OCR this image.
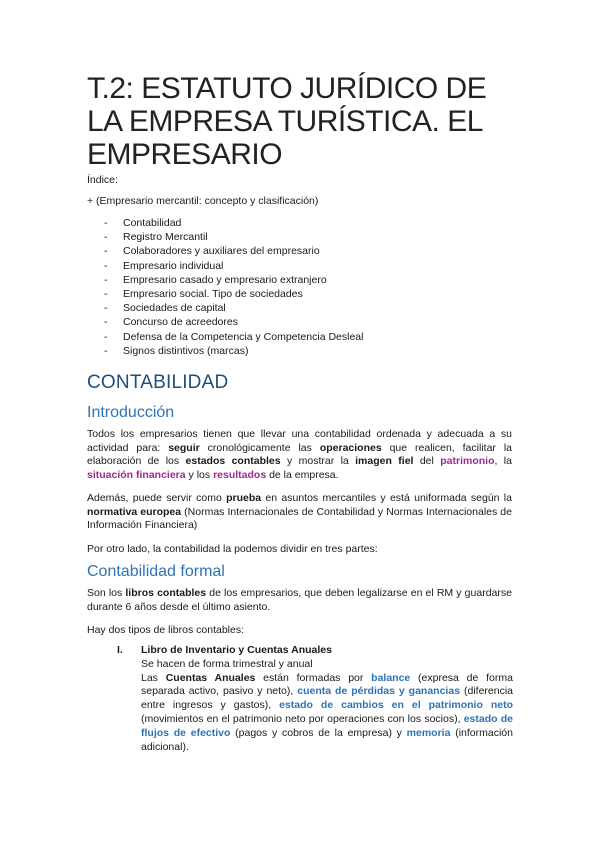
T.2: ESTATUTO JURÍDICO DE LA EMPRESA TURÍSTICA. EL EMPRESARIO
Índice:
+ (Empresario mercantil: concepto y clasificación)
- Contabilidad
- Registro Mercantil
- Colaboradores y auxiliares del empresario
- Empresario individual
- Empresario casado y empresario extranjero
- Empresario social. Tipo de sociedades
- Sociedades de capital
- Concurso de acreedores
- Defensa de la Competencia y Competencia Desleal
- Signos distintivos (marcas)
CONTABILIDAD
Introducción

Todos los empresarios tienen que llevar una contabilidad ordenada y adecuada a su actividad para: seguir cronológicamente las operaciones que realicen, facilitar la elaboración de los estados contables y mostrar la imagen fiel del patrimonio, la situación financiera y los resultados de la empresa.

Además, puede servir como prueba en asuntos mercantiles y está uniformada según la normativa europea (Normas Internacionales de Contabilidad y Normas Internacionales de Información Financiera)

Por otro lado, la contabilidad la podemos dividir en tres partes:

Contabilidad formal

Son los libros contables de los empresarios, que deben legalizarse en el RM y guardarse durante 6 años desde el último asiento.

Hay dos tipos de libros contables:

I. Libro de Inventario y Cuentas Anuales
Se hacen de forma trimestral y anual
Las Cuentas Anuales están formadas por balance (expresa de forma separada activo, pasivo y neto), cuenta de pérdidas y ganancias (diferencia entre ingresos y gastos), estado de cambios en el patrimonio neto (movimientos en el patrimonio neto por operaciones con los socios), estado de flujos de efectivo (pagos y cobros de la empresa) y memoria (información adicional).
